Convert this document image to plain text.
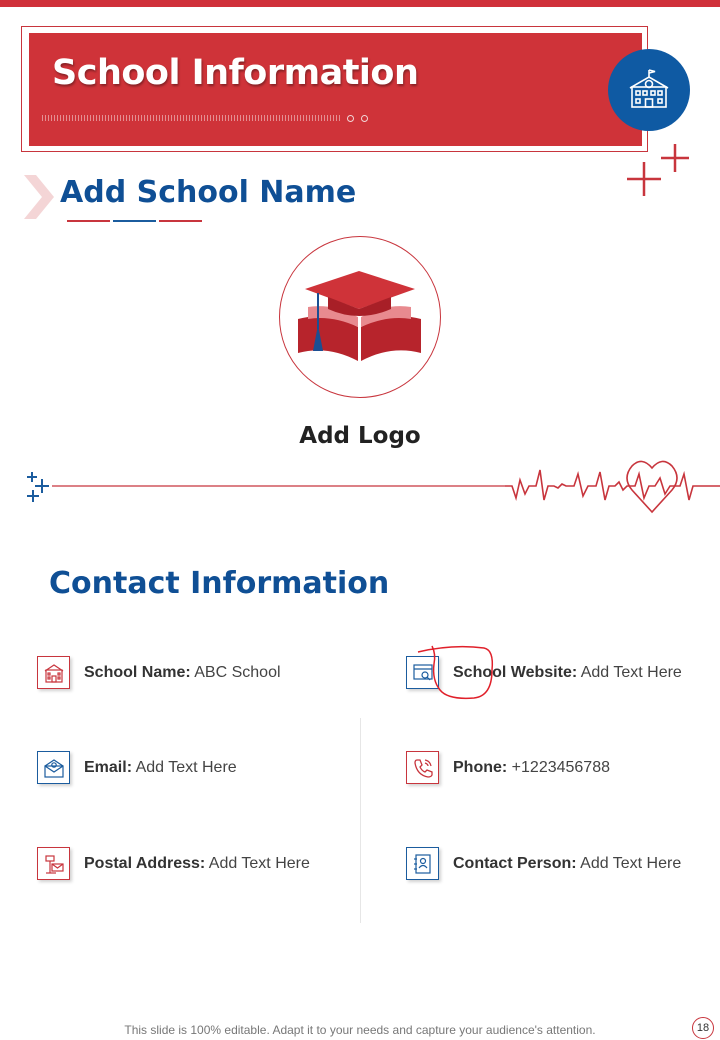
School Information
Add School Name
Add Logo
Contact Information
School Name: ABC School	School Website: Add Text Here
Email: Add Text Here	Phone: +1223456788
Postal Address: Add Text Here	Contact Person: Add Text Here
This slide is 100% editable. Adapt it to your needs and capture your audience's attention.	18
